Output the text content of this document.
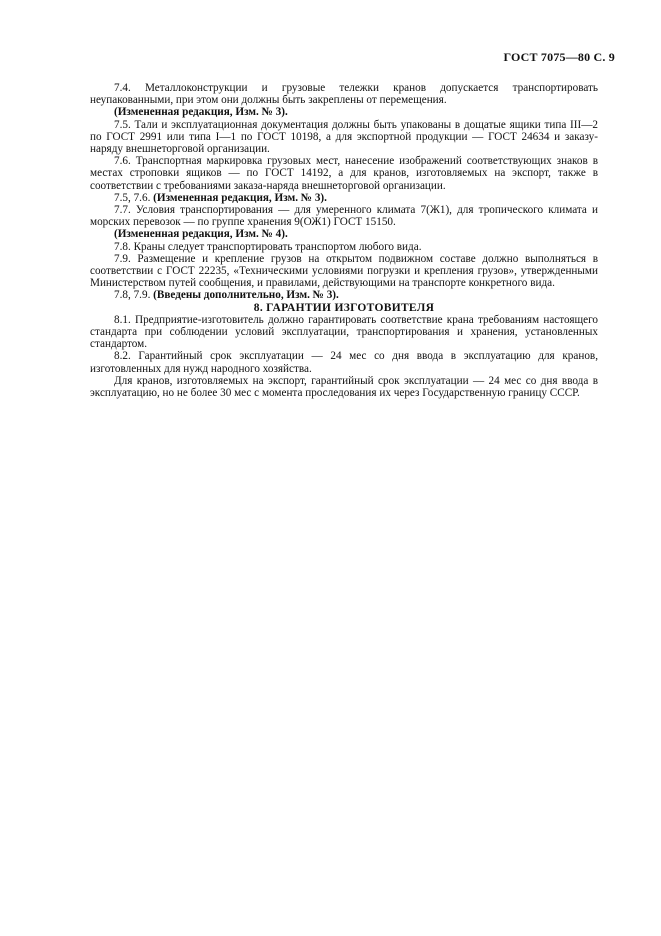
ГОСТ 7075—80 С. 9

7.4. Металлоконструкции и грузовые тележки кранов допускается транспортировать неупакованными, при этом они должны быть закреплены от перемещения.

(Измененная редакция, Изм. № 3).

7.5. Тали и эксплуатационная документация должны быть упакованы в дощатые ящики типа III—2 по ГОСТ 2991 или типа I—1 по ГОСТ 10198, а для экспортной продукции — ГОСТ 24634 и заказу-наряду внешнеторговой организации.

7.6. Транспортная маркировка грузовых мест, нанесение изображений соответствующих знаков в местах строповки ящиков — по ГОСТ 14192, а для кранов, изготовляемых на экспорт, также в соответствии с требованиями заказа-наряда внешнеторговой организации.

7.5, 7.6. (Измененная редакция, Изм. № 3).

7.7. Условия транспортирования — для умеренного климата 7(Ж1), для тропического климата и морских перевозок — по группе хранения 9(ОЖ1) ГОСТ 15150.

(Измененная редакция, Изм. № 4).

7.8. Краны следует транспортировать транспортом любого вида.

7.9. Размещение и крепление грузов на открытом подвижном составе должно выполняться в соответствии с ГОСТ 22235, «Техническими условиями погрузки и крепления грузов», утвержденными Министерством путей сообщения, и правилами, действующими на транспорте конкретного вида.

7.8, 7.9. (Введены дополнительно, Изм. № 3).

8. ГАРАНТИИ ИЗГОТОВИТЕЛЯ

8.1. Предприятие-изготовитель должно гарантировать соответствие крана требованиям настоящего стандарта при соблюдении условий эксплуатации, транспортирования и хранения, установленных стандартом.

8.2. Гарантийный срок эксплуатации — 24 мес со дня ввода в эксплуатацию для кранов, изготовленных для нужд народного хозяйства.

Для кранов, изготовляемых на экспорт, гарантийный срок эксплуатации — 24 мес со дня ввода в эксплуатацию, но не более 30 мес с момента проследования их через Государственную границу СССР.
